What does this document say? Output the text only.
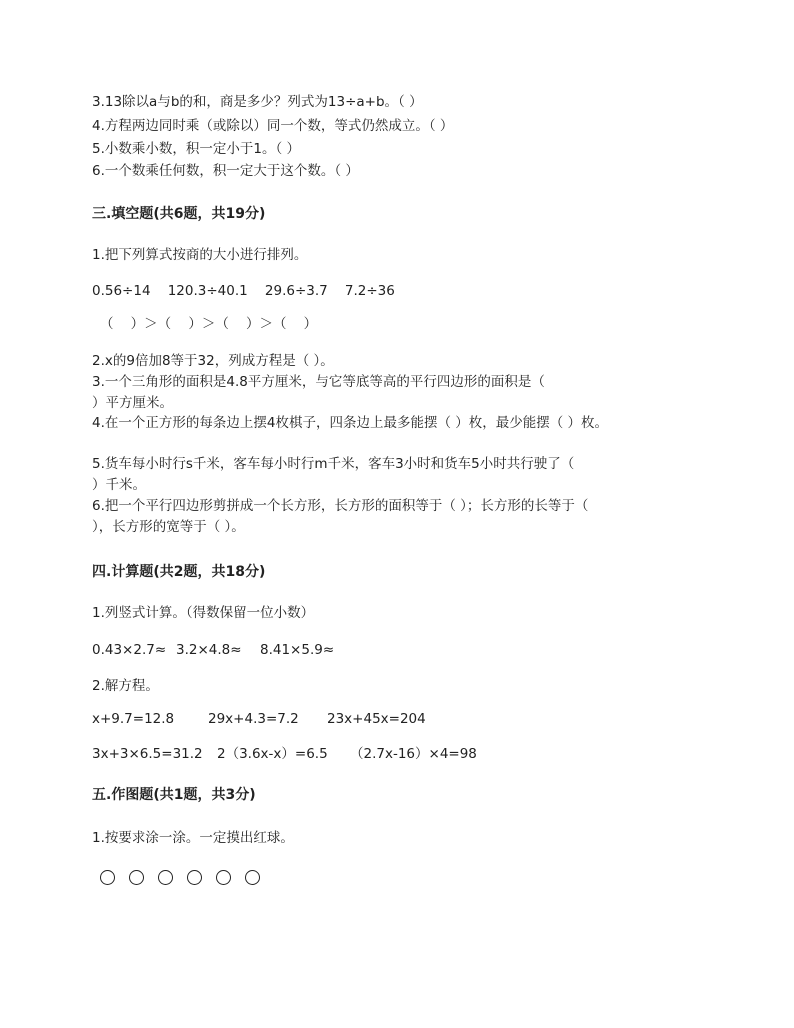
3.13除以a与b的和，商是多少？列式为13÷a+b。（ ）
4.方程两边同时乘（或除以）同一个数，等式仍然成立。（ ）
5.小数乘小数，积一定小于1。（ ）
6.一个数乘任何数，积一定大于这个数。（ ）
三.填空题(共6题，共19分)
1.把下列算式按商的大小进行排列。
0.56÷14    120.3÷40.1    29.6÷3.7    7.2÷36
（    ）＞（    ）＞（    ）＞（    ）
2.x的9倍加8等于32，列成方程是（ ）。
3.一个三角形的面积是4.8平方厘米，与它等底等高的平行四边形的面积是（
）平方厘米。
4.在一个正方形的每条边上摆4枚棋子，四条边上最多能摆（ ）枚，最少能摆（ ）枚。
5.货车每小时行s千米，客车每小时行m千米，客车3小时和货车5小时共行驶了（
）千米。
6.把一个平行四边形剪拼成一个长方形，长方形的面积等于（ ）；长方形的长等于（
），长方形的宽等于（ ）。
四.计算题(共2题，共18分)
1.列竖式计算。（得数保留一位小数）
0.43×2.7≈ 3.2×4.8≈ 8.41×5.9≈
2.解方程。
x+9.7=12.8	29x+4.3=7.2 23x+45x=204
3x+3×6.5=31.2 2（3.6x-x）=6.5 （2.7x-16）×4=98
五.作图题(共1题，共3分)
1.按要求涂一涂。一定摸出红球。
